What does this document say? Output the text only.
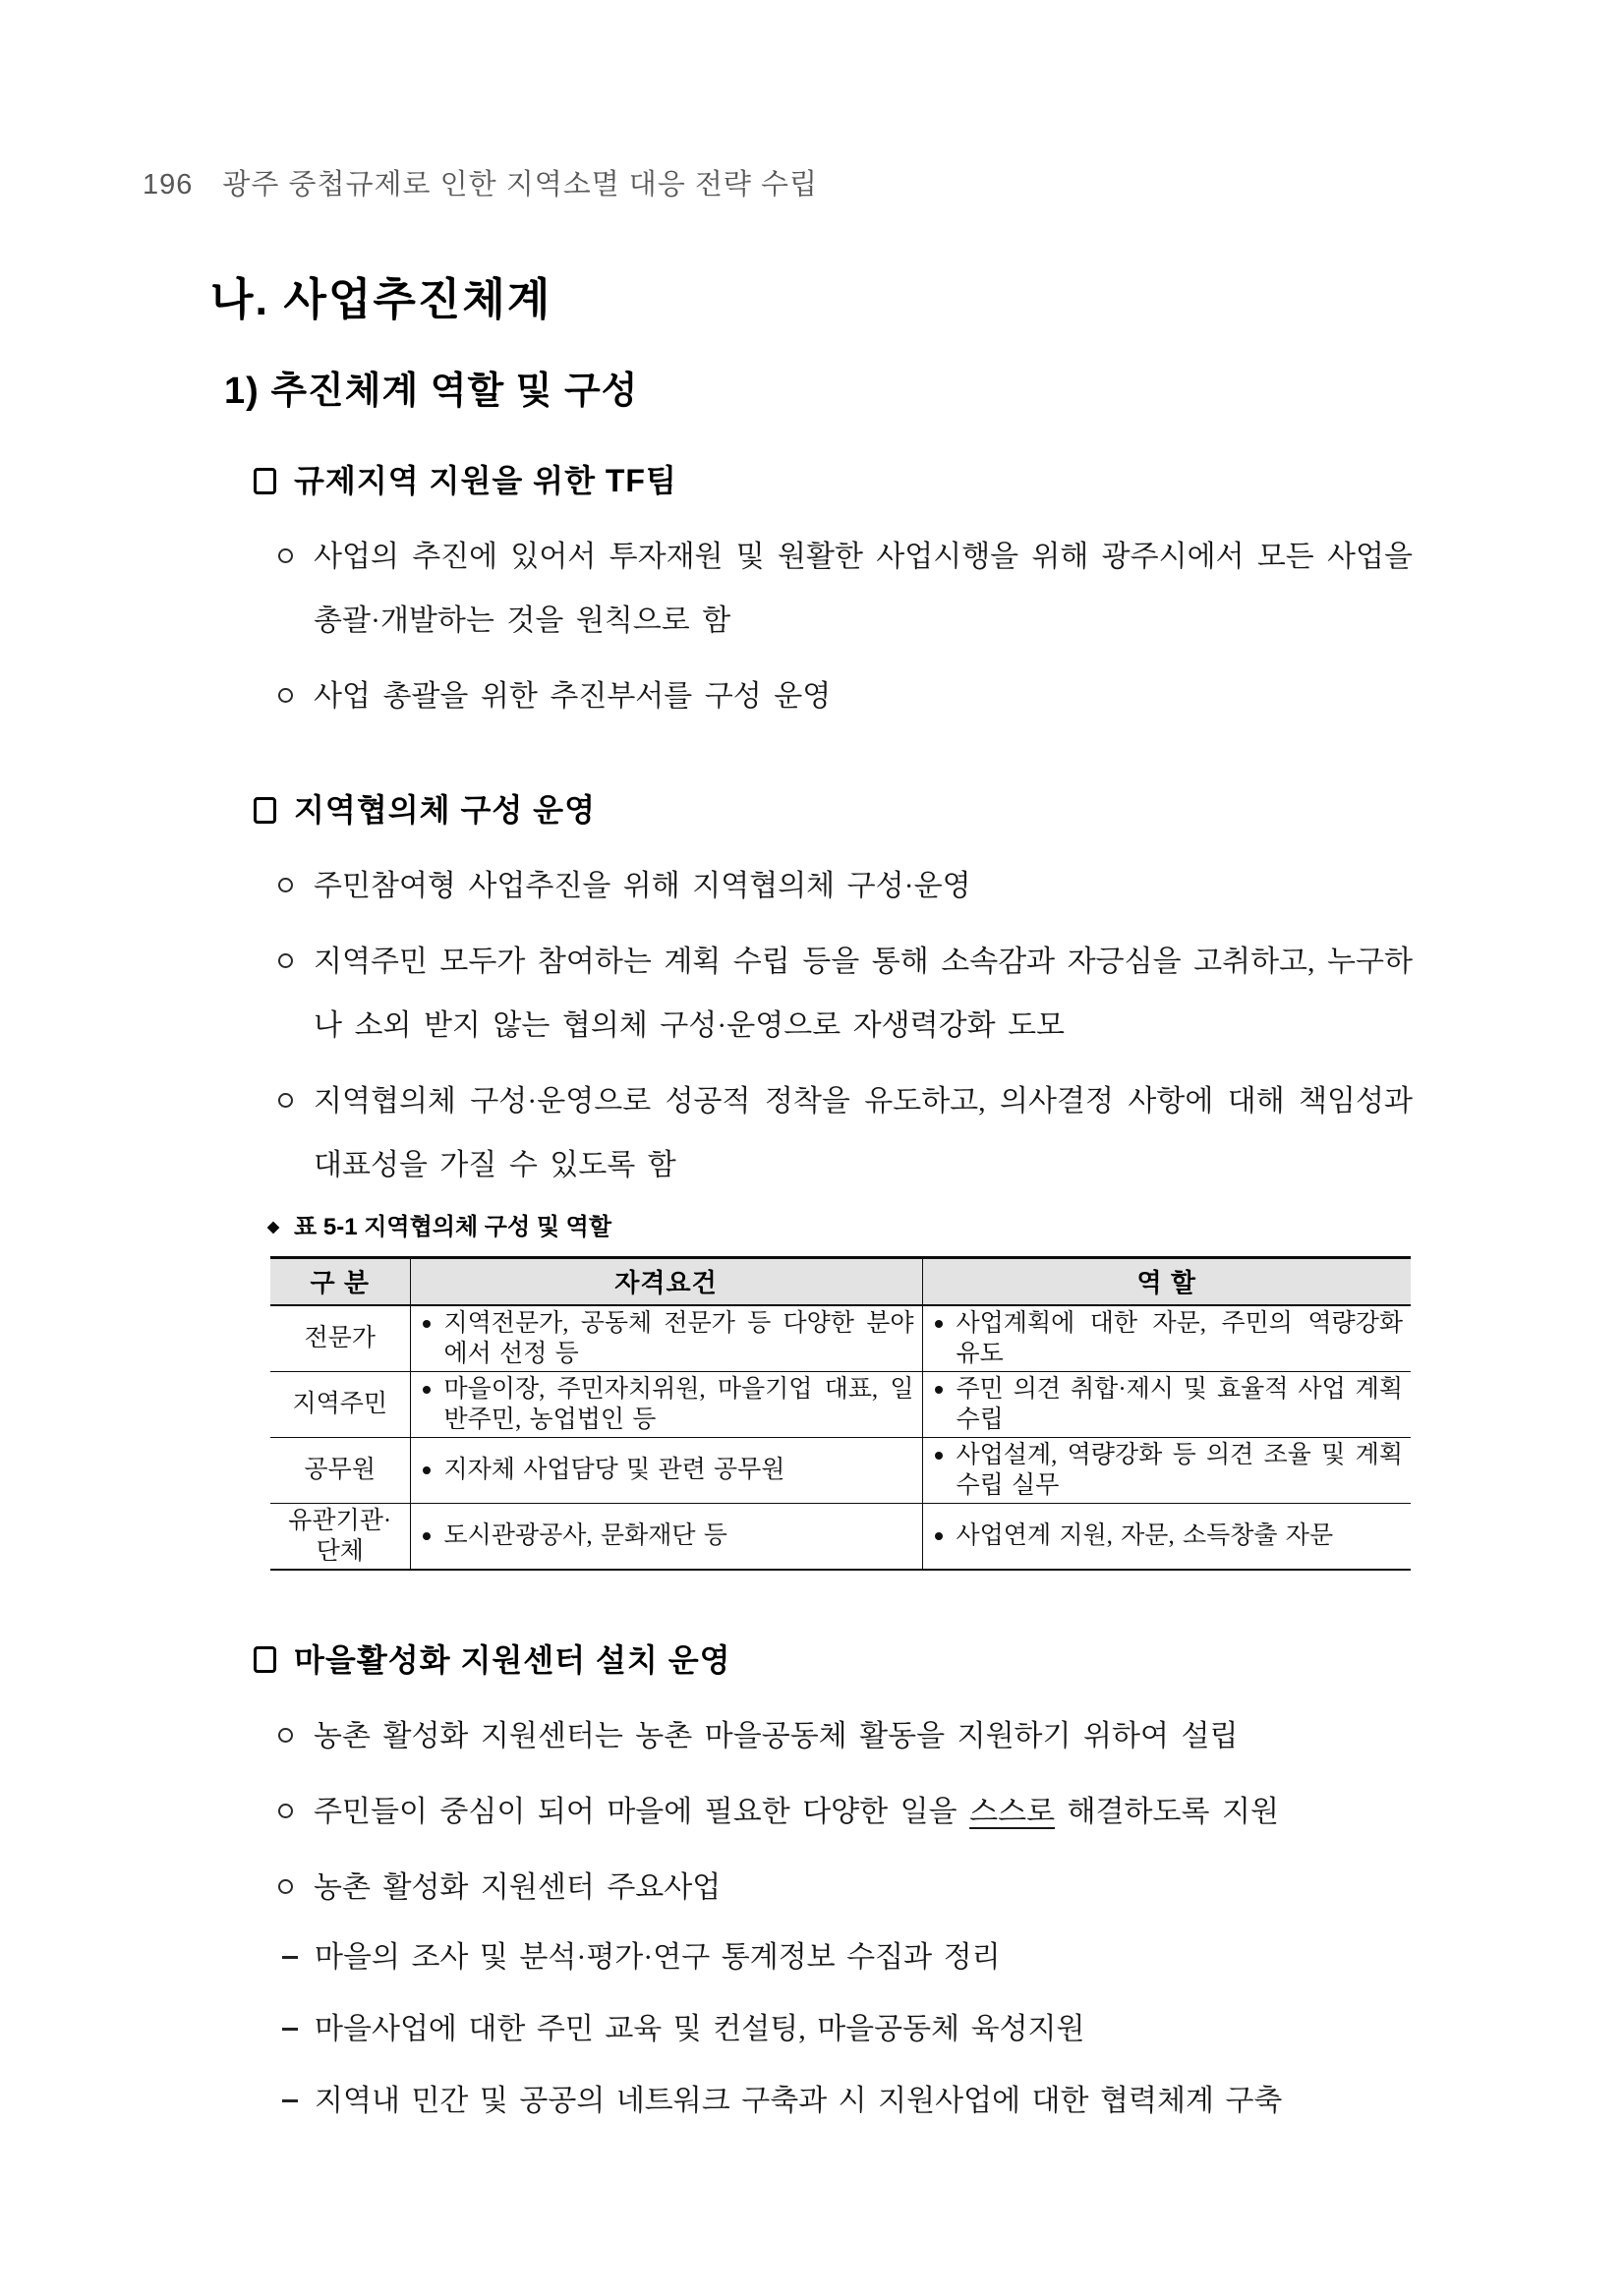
196 광주 중첩규제로 인한 지역소멸 대응 전략 수립
나. 사업추진체계
1) 추진체계 역할 및 구성
규제지역 지원을 위한 TF팀
사업의 추진에 있어서 투자재원 및 원활한 사업시행을 위해 광주시에서 모든 사업을 총괄·개발하는 것을 원칙으로 함
사업 총괄을 위한 추진부서를 구성 운영
지역협의체 구성 운영
주민참여형 사업추진을 위해 지역협의체 구성·운영
지역주민 모두가 참여하는 계획 수립 등을 통해 소속감과 자긍심을 고취하고, 누구하나 소외 받지 않는 협의체 구성·운영으로 자생력강화 도모
지역협의체 구성·운영으로 성공적 정착을 유도하고, 의사결정 사항에 대해 책임성과 대표성을 가질 수 있도록 함
표 5-1 지역협의체 구성 및 역할
구 분	자격요건	역 할
전문가	지역전문가, 공동체 전문가 등 다양한 분야에서 선정 등	사업계획에 대한 자문, 주민의 역량강화 유도

지역주민	마을이장, 주민자치위원, 마을기업 대표, 일반주민, 농업법인 등	주민 의견 취합·제시 및 효율적 사업 계획 수립

공무원	지자체 사업담당 및 관련 공무원	사업설계, 역량강화 등 의견 조율 및 계획수립 실무

유관기관·단체	도시관광공사, 문화재단 등	사업연계 지원, 자문, 소득창출 자문
마을활성화 지원센터 설치 운영
농촌 활성화 지원센터는 농촌 마을공동체 활동을 지원하기 위하여 설립
주민들이 중심이 되어 마을에 필요한 다양한 일을 스스로 해결하도록 지원
농촌 활성화 지원센터 주요사업
마을의 조사 및 분석·평가·연구 통계정보 수집과 정리
마을사업에 대한 주민 교육 및 컨설팅, 마을공동체 육성지원
지역내 민간 및 공공의 네트워크 구축과 시 지원사업에 대한 협력체계 구축
